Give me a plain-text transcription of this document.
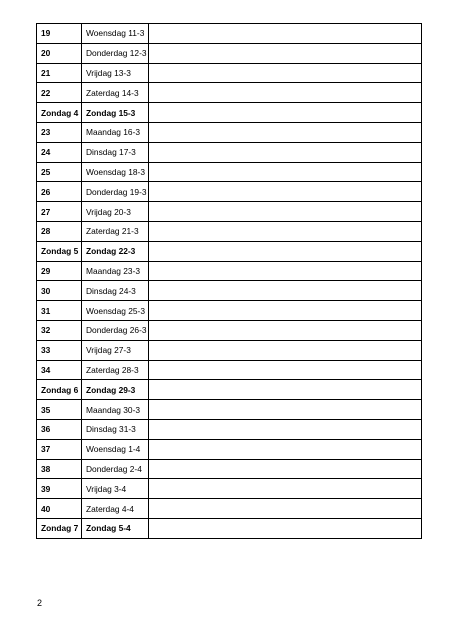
19	Woensdag 11-3	
20	Donderdag 12-3	
21	Vrijdag 13-3	
22	Zaterdag 14-3	
Zondag 4	Zondag 15-3	
23	Maandag 16-3	
24	Dinsdag 17-3	
25	Woensdag 18-3	
26	Donderdag 19-3	
27	Vrijdag 20-3	
28	Zaterdag 21-3	
Zondag 5	Zondag 22-3	
29	Maandag 23-3	
30	Dinsdag 24-3	
31	Woensdag 25-3	
32	Donderdag 26-3	
33	Vrijdag 27-3	
34	Zaterdag 28-3	
Zondag 6	Zondag 29-3	
35	Maandag 30-3	
36	Dinsdag 31-3	
37	Woensdag 1-4	
38	Donderdag 2-4	
39	Vrijdag 3-4	
40	Zaterdag 4-4	
Zondag 7	Zondag 5-4	
2
